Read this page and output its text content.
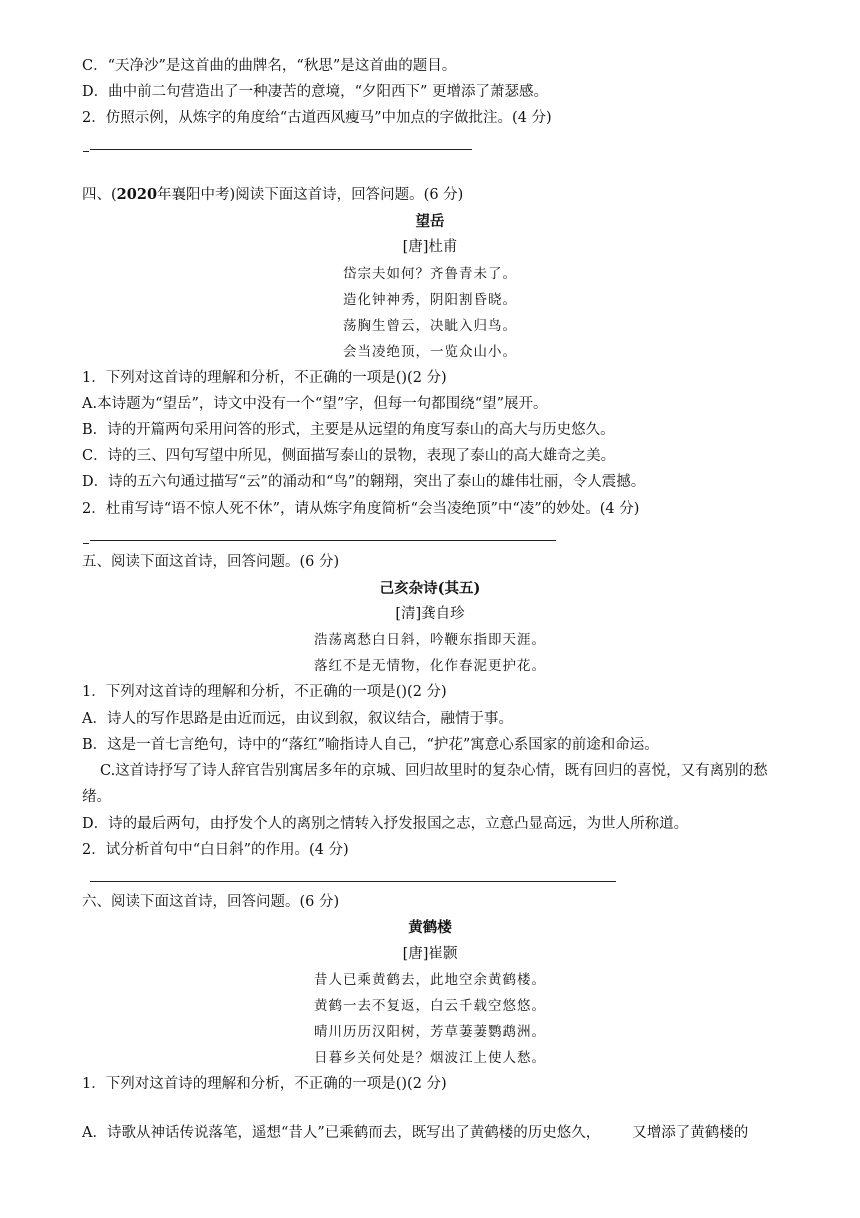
C．“天净沙”是这首曲的曲牌名，“秋思”是这首曲的题目。
D．曲中前二句营造出了一种凄苦的意境，“夕阳西下” 更增添了萧瑟感。
2．仿照示例，从炼字的角度给“古道西风瘦马”中加点的字做批注。(4 分)
四、(2020年襄阳中考)阅读下面这首诗，回答问题。(6 分)
望岳
[唐]杜甫
岱宗夫如何？齐鲁青未了。
造化钟神秀，阴阳割昏晓。
荡胸生曾云，决眦入归鸟。
会当凌绝顶，一览众山小。
1．下列对这首诗的理解和分析，不正确的一项是()(2 分)
A.本诗题为“望岳”，诗文中没有一个“望”字，但每一句都围绕“望”展开。
B．诗的开篇两句采用问答的形式，主要是从远望的角度写泰山的高大与历史悠久。
C．诗的三、四句写望中所见，侧面描写泰山的景物，表现了泰山的高大雄奇之美。
D．诗的五六句通过描写“云”的涌动和“鸟”的翱翔，突出了泰山的雄伟壮丽，令人震撼。
2．杜甫写诗“语不惊人死不休”，请从炼字角度简析“会当凌绝顶”中“凌”的妙处。(4 分)
五、阅读下面这首诗，回答问题。(6 分)
己亥杂诗(其五)
[清]龚自珍
浩荡离愁白日斜，吟鞭东指即天涯。
落红不是无情物，化作春泥更护花。
1．下列对这首诗的理解和分析，不正确的一项是()(2 分)
A．诗人的写作思路是由近而远，由议到叙，叙议结合，融情于事。
B．这是一首七言绝句，诗中的“落红”喻指诗人自己，“护花”寓意心系国家的前途和命运。
C.这首诗抒写了诗人辞官告别寓居多年的京城、回归故里时的复杂心情，既有回归的喜悦，又有离别的愁
绪。
D．诗的最后两句，由抒发个人的离别之情转入抒发报国之志，立意凸显高远，为世人所称道。
2．试分析首句中“白日斜”的作用。(4 分)
六、阅读下面这首诗，回答问题。(6 分)
黄鹤楼
[唐]崔颢
昔人已乘黄鹤去，此地空余黄鹤楼。
黄鹤一去不复返，白云千载空悠悠。
晴川历历汉阳树，芳草萋萋鹦鹉洲。
日暮乡关何处是？烟波江上使人愁。
1．下列对这首诗的理解和分析，不正确的一项是()(2 分)
A．诗歌从神话传说落笔，遥想“昔人”已乘鹤而去，既写出了黄鹤楼的历史悠久， 又增添了黄鹤楼的
